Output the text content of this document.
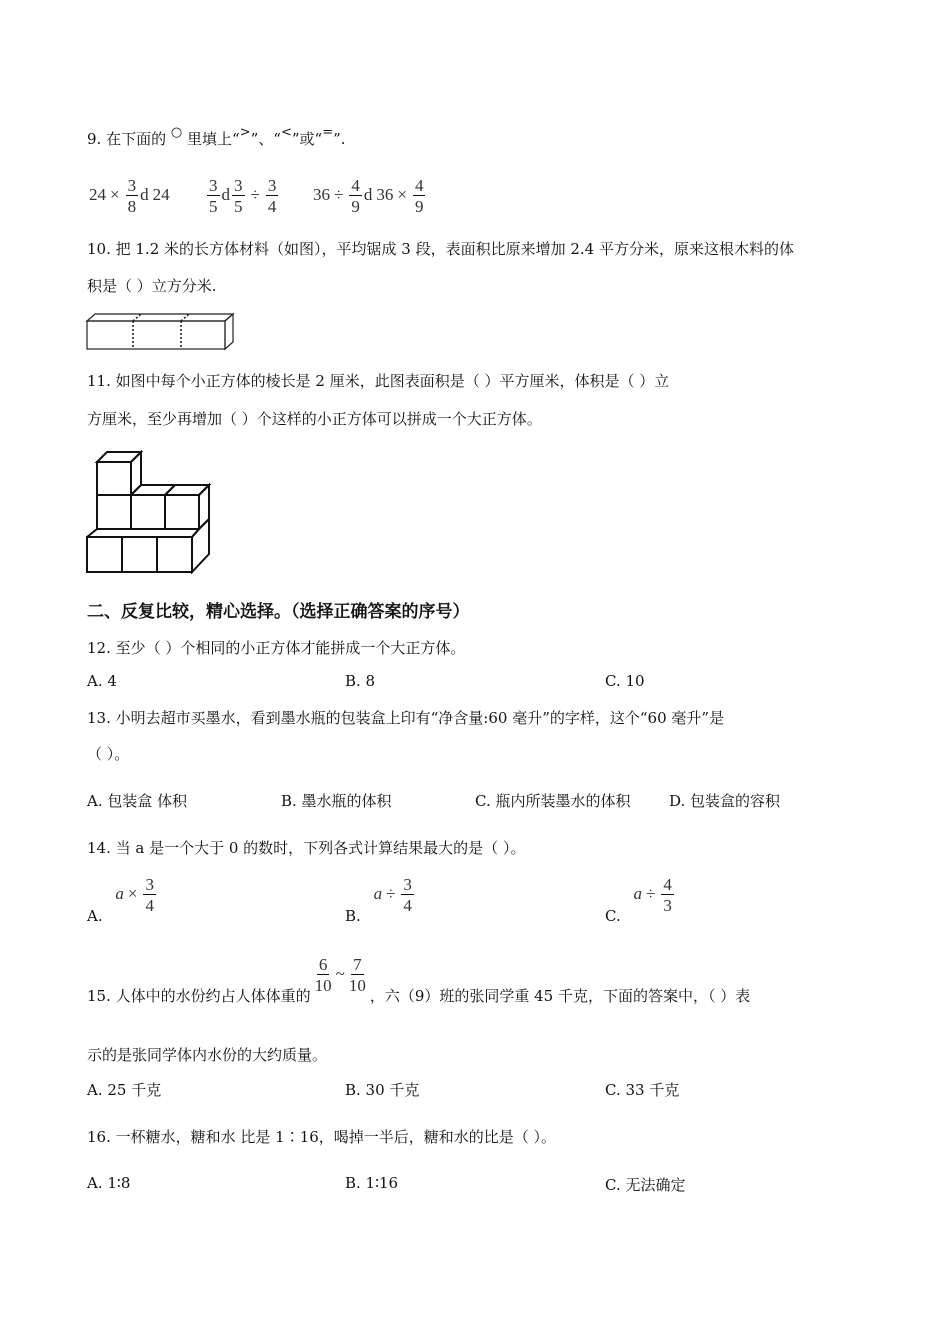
9. 在下面的 ○ 里填上“>”、“<”或“=”.
$24 \times \frac{3}{8}$ d $24 \frac{3}{5}$ d $\frac{3}{5} \div \frac{3}{4} 36 \div \frac{4}{9}$ d $36 \times \frac{4}{9}$
10. 把 1.2 米的长方体材料（如图），平均锯成 3 段，表面积比原来增加 2.4 平方分米，原来这根木料的体
积是（ ）立方分米.
11. 如图中每个小正方体的棱长是 2 厘米，此图表面积是（ ）平方厘米，体积是（ ）立
方厘米，至少再增加（ ）个这样的小正方体可以拼成一个大正方体。
二、反复比较，精心选择。（选择正确答案的序号）
12. 至少（ ）个相同的小正方体才能拼成一个大正方体。
A. 4	B. 8	C. 10
13. 小明去超市买墨水，看到墨水瓶的包装盒上印有“净含量:60 毫升”的字样，这个“60 毫升”是
（ ）。
A. 包装盒 体积	B. 墨水瓶的体积	C. 瓶内所装墨水的体积	D. 包装盒的容积
14. 当 a 是一个大于 0 的数时，下列各式计算结果最大的是（ ）。
A. $a \times \frac{3}{4}$
B. $a \div \frac{3}{4}$
C. $a \div \frac{4}{3}$
15. 人体中的水份约占人体体重的
$\frac{6}{10}$ ~ $\frac{7}{10}$
，六（9）班的张同学重 45 千克，下面的答案中，（ ）表
示的是张同学体内水份的大约质量。
A. 25 千克	B. 30 千克	C. 33 千克
16. 一杯糖水，糖和水 比是 1∶16，喝掉一半后，糖和水的比是（ ）。
A. 1∶8	B. 1∶16	C. 无法确定
